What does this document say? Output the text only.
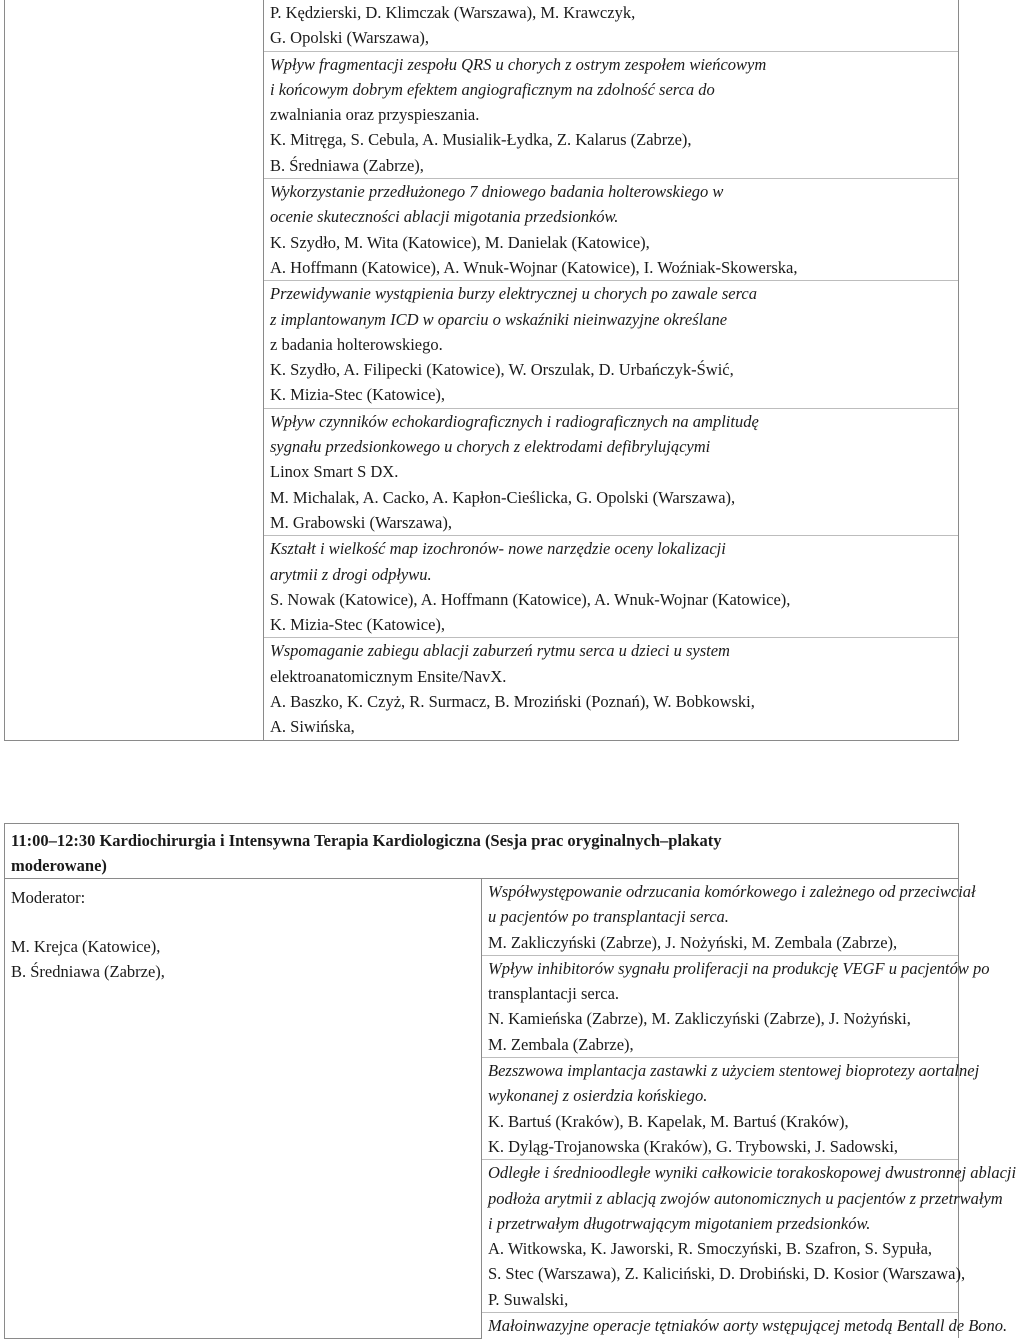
P. Kędzierski, D. Klimczak (Warszawa), M. Krawczyk,
G. Opolski (Warszawa),
Wpływ fragmentacji zespołu QRS u chorych z ostrym zespołem wieńcowym
i końcowym dobrym efektem angiograficznym na zdolność serca do
zwalniania oraz przyspieszania.
K. Mitręga, S. Cebula, A. Musialik-Łydka, Z. Kalarus (Zabrze),
B. Średniawa (Zabrze),
Wykorzystanie przedłużonego 7 dniowego badania holterowskiego w
ocenie skuteczności ablacji migotania przedsionków.
K. Szydło, M. Wita (Katowice), M. Danielak (Katowice),
A. Hoffmann (Katowice), A. Wnuk-Wojnar (Katowice), I. Woźniak-Skowerska,
Przewidywanie wystąpienia burzy elektrycznej u chorych po zawale serca
z implantowanym ICD w oparciu o wskaźniki nieinwazyjne określane
z badania holterowskiego.
K. Szydło, A. Filipecki (Katowice), W. Orszulak, D. Urbańczyk-Świć,
K. Mizia-Stec (Katowice),
Wpływ czynników echokardiograficznych i radiograficznych na amplitudę
sygnału przedsionkowego u chorych z elektrodami defibrylującymi
Linox Smart S DX.
M. Michalak, A. Cacko, A. Kapłon-Cieślicka, G. Opolski (Warszawa),
M. Grabowski (Warszawa),
Kształt i wielkość map izochronów- nowe narzędzie oceny lokalizacji
arytmii z drogi odpływu.
S. Nowak (Katowice), A. Hoffmann (Katowice), A. Wnuk-Wojnar (Katowice),
K. Mizia-Stec (Katowice),
Wspomaganie zabiegu ablacji zaburzeń rytmu serca u dzieci u system
elektroanatomicznym Ensite/NavX.
A. Baszko, K. Czyż, R. Surmacz, B. Mroziński (Poznań), W. Bobkowski,
A. Siwińska,
11:00–12:30 Kardiochirurgia i Intensywna Terapia Kardiologiczna (Sesja prac oryginalnych–plakaty
moderowane)

Moderator:
M. Krejca (Katowice),
B. Średniawa (Zabrze),

Współwystępowanie odrzucania komórkowego i zależnego od przeciwciał
u pacjentów po transplantacji serca.
M. Zakliczyński (Zabrze), J. Nożyński, M. Zembala (Zabrze),
Wpływ inhibitorów sygnału proliferacji na produkcję VEGF u pacjentów po
transplantacji serca.
N. Kamieńska (Zabrze), M. Zakliczyński (Zabrze), J. Nożyński,
M. Zembala (Zabrze),
Bezszwowa implantacja zastawki z użyciem stentowej bioprotezy aortalnej
wykonanej z osierdzia końskiego.
K. Bartuś (Kraków), B. Kapelak, M. Bartuś (Kraków),
K. Dyląg-Trojanowska (Kraków), G. Trybowski, J. Sadowski,
Odległe i średnioodległe wyniki całkowicie torakoskopowej dwustronnej ablacji
podłoża arytmii z ablacją zwojów autonomicznych u pacjentów z przetrwałym
i przetrwałym długotrwającym migotaniem przedsionków.
A. Witkowska, K. Jaworski, R. Smoczyński, B. Szafron, S. Sypuła,
S. Stec (Warszawa), Z. Kaliciński, D. Drobiński, D. Kosior (Warszawa),
P. Suwalski,
Małoinwazyjne operacje tętniaków aorty wstępującej metodą Bentall de Bono.
